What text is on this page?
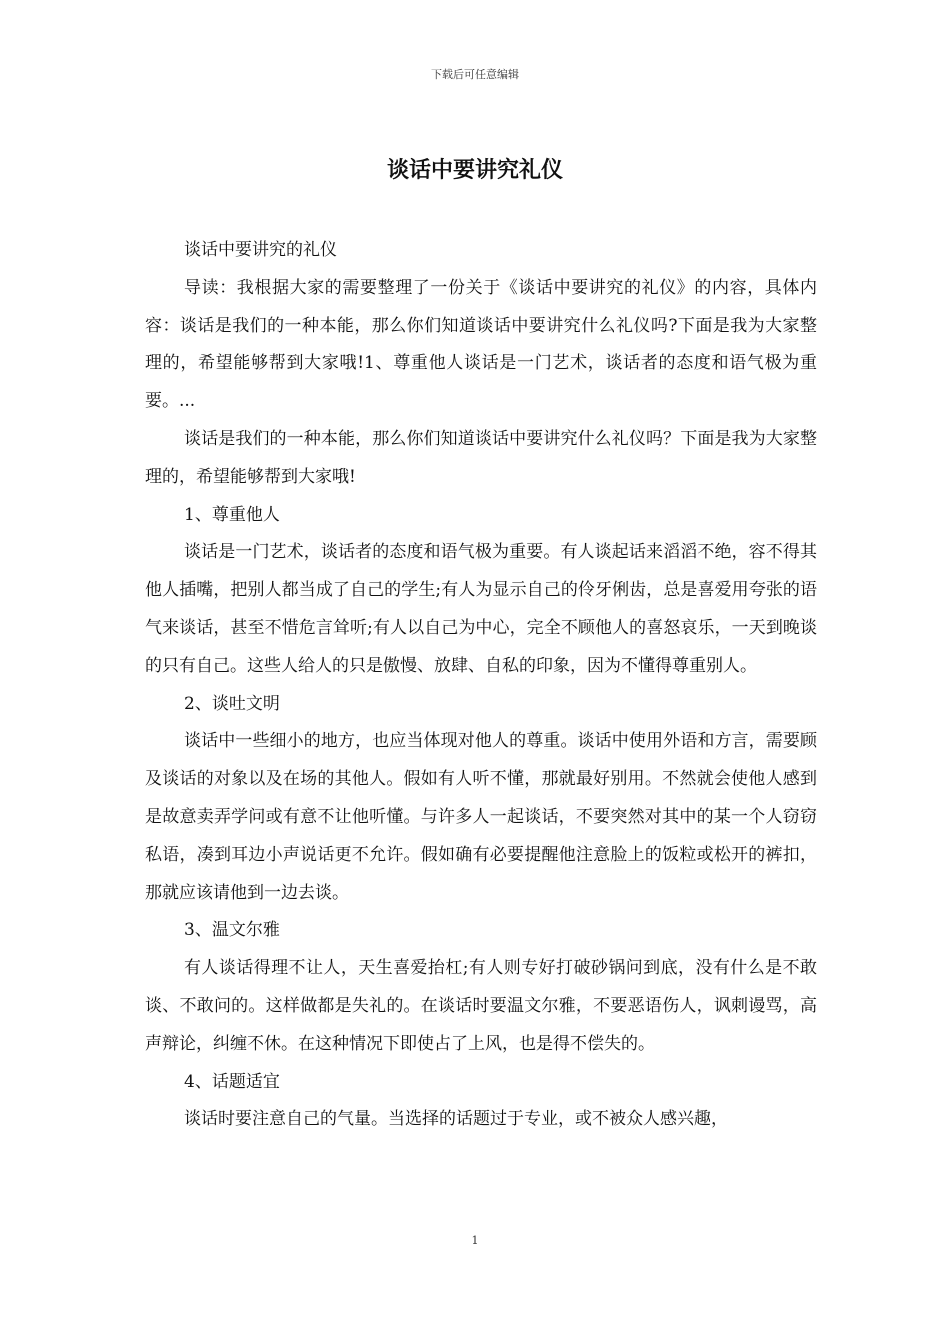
下载后可任意编辑
谈话中要讲究礼仪

谈话中要讲究的礼仪

导读：我根据大家的需要整理了一份关于《谈话中要讲究的礼仪》的内容，具体内容：谈话是我们的一种本能，那么你们知道谈话中要讲究什么礼仪吗?下面是我为大家整理的，希望能够帮到大家哦!1、尊重他人谈话是一门艺术，谈话者的态度和语气极为重要。...

谈话是我们的一种本能，那么你们知道谈话中要讲究什么礼仪吗？下面是我为大家整理的，希望能够帮到大家哦!

1、尊重他人

谈话是一门艺术，谈话者的态度和语气极为重要。有人谈起话来滔滔不绝，容不得其他人插嘴，把别人都当成了自己的学生;有人为显示自己的伶牙俐齿，总是喜爱用夸张的语气来谈话，甚至不惜危言耸听;有人以自己为中心，完全不顾他人的喜怒哀乐，一天到晚谈的只有自己。这些人给人的只是傲慢、放肆、自私的印象，因为不懂得尊重别人。

2、谈吐文明

谈话中一些细小的地方，也应当体现对他人的尊重。谈话中使用外语和方言，需要顾及谈话的对象以及在场的其他人。假如有人听不懂，那就最好别用。不然就会使他人感到是故意卖弄学问或有意不让他听懂。与许多人一起谈话，不要突然对其中的某一个人窃窃私语，凑到耳边小声说话更不允许。假如确有必要提醒他注意脸上的饭粒或松开的裤扣，那就应该请他到一边去谈。

3、温文尔雅

有人谈话得理不让人，天生喜爱抬杠;有人则专好打破砂锅问到底，没有什么是不敢谈、不敢问的。这样做都是失礼的。在谈话时要温文尔雅，不要恶语伤人，讽刺谩骂，高声辩论，纠缠不休。在这种情况下即使占了上风，也是得不偿失的。

4、话题适宜

谈话时要注意自己的气量。当选择的话题过于专业，或不被众人感兴趣，

1
